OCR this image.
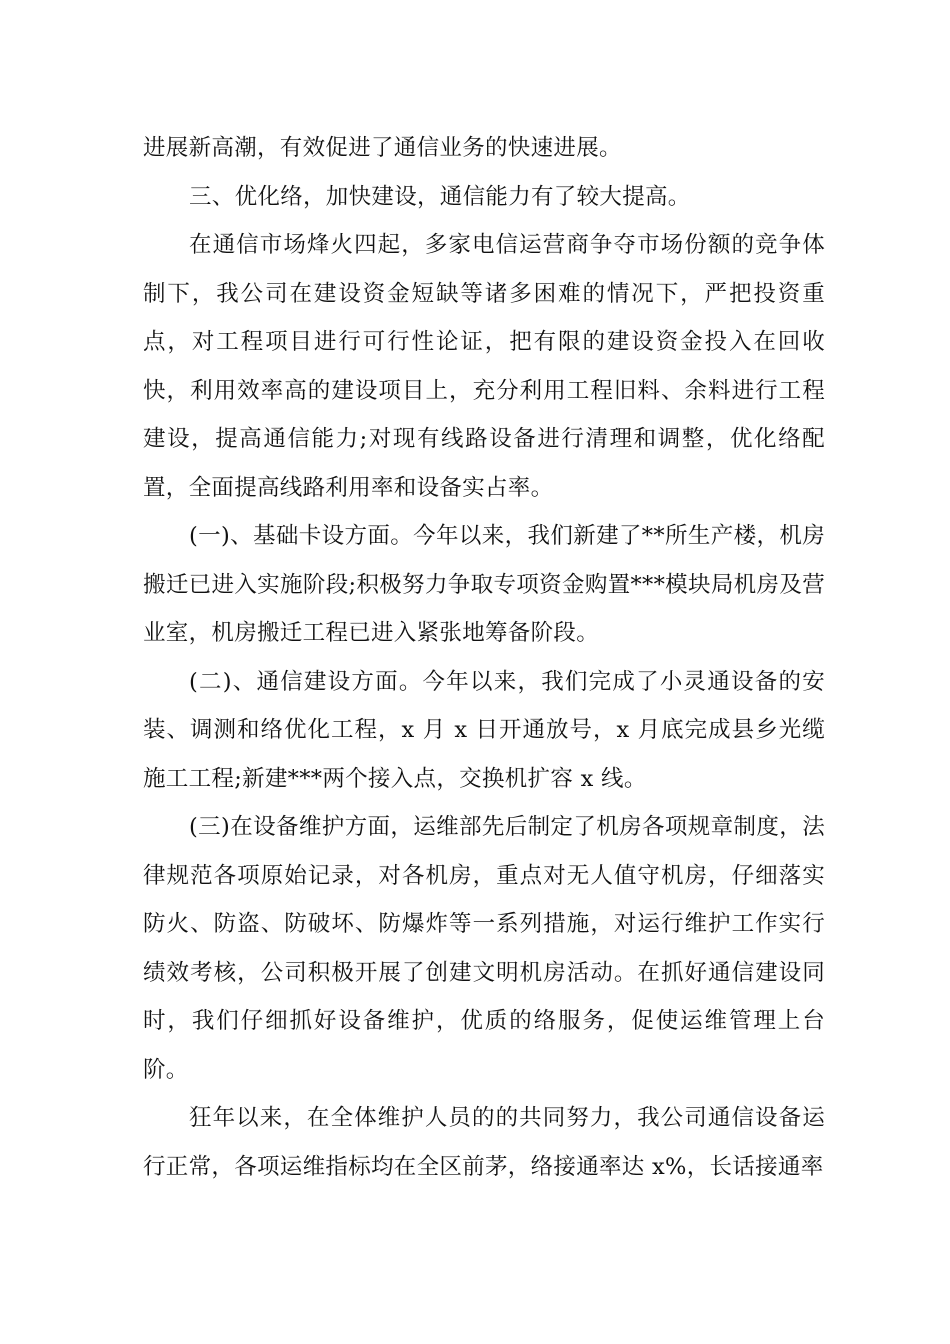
进展新高潮，有效促进了通信业务的快速进展。

三、优化络，加快建设，通信能力有了较大提高。

在通信市场烽火四起，多家电信运营商争夺市场份额的竞争体制下，我公司在建设资金短缺等诸多困难的情况下，严把投资重点，对工程项目进行可行性论证，把有限的建设资金投入在回收快，利用效率高的建设项目上，充分利用工程旧料、余料进行工程建设，提高通信能力;对现有线路设备进行清理和调整，优化络配置，全面提高线路利用率和设备实占率。

(一)、基础卡设方面。今年以来，我们新建了**所生产楼，机房搬迁已进入实施阶段;积极努力争取专项资金购置***模块局机房及营业室，机房搬迁工程已进入紧张地筹备阶段。

(二)、通信建设方面。今年以来，我们完成了小灵通设备的安装、调测和络优化工程，x 月 x 日开通放号，x 月底完成县乡光缆施工工程;新建***两个接入点，交换机扩容 x 线。

(三)在设备维护方面，运维部先后制定了机房各项规章制度，法律规范各项原始记录，对各机房，重点对无人值守机房，仔细落实防火、防盗、防破坏、防爆炸等一系列措施，对运行维护工作实行绩效考核，公司积极开展了创建文明机房活动。在抓好通信建设同时，我们仔细抓好设备维护，优质的络服务，促使运维管理上台阶。

狂年以来，在全体维护人员的的共同努力，我公司通信设备运行正常，各项运维指标均在全区前茅，络接通率达 x%，长话接通率
